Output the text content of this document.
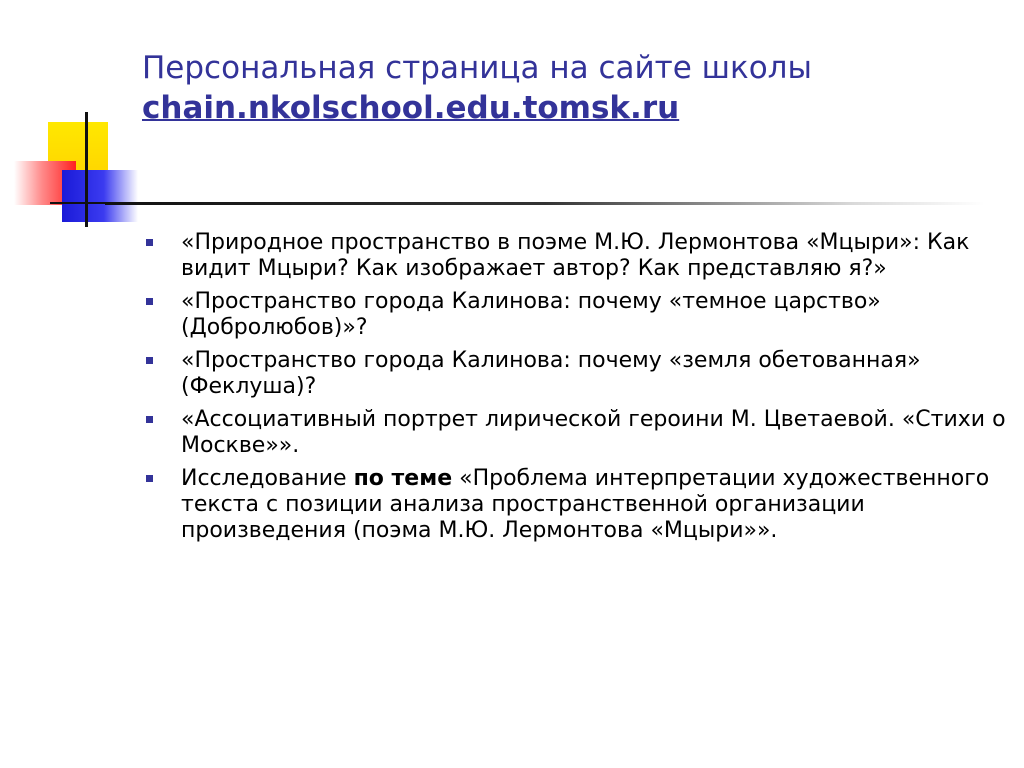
Персональная страница на сайте школы
chain.nkolschool.edu.tomsk.ru
«Природное пространство в поэме М.Ю. Лермонтова «Мцыри»: Как видит Мцыри? Как изображает автор? Как представляю я?»
«Пространство города Калинова: почему «темное царство» (Добролюбов)»?
«Пространство города Калинова: почему «земля обетованная» (Феклуша)?
«Ассоциативный портрет лирической героини М. Цветаевой. «Стихи о Москве»».
Исследование по теме «Проблема интерпретации художественного текста с позиции анализа пространственной организации произведения (поэма М.Ю. Лермонтова «Мцыри»».
